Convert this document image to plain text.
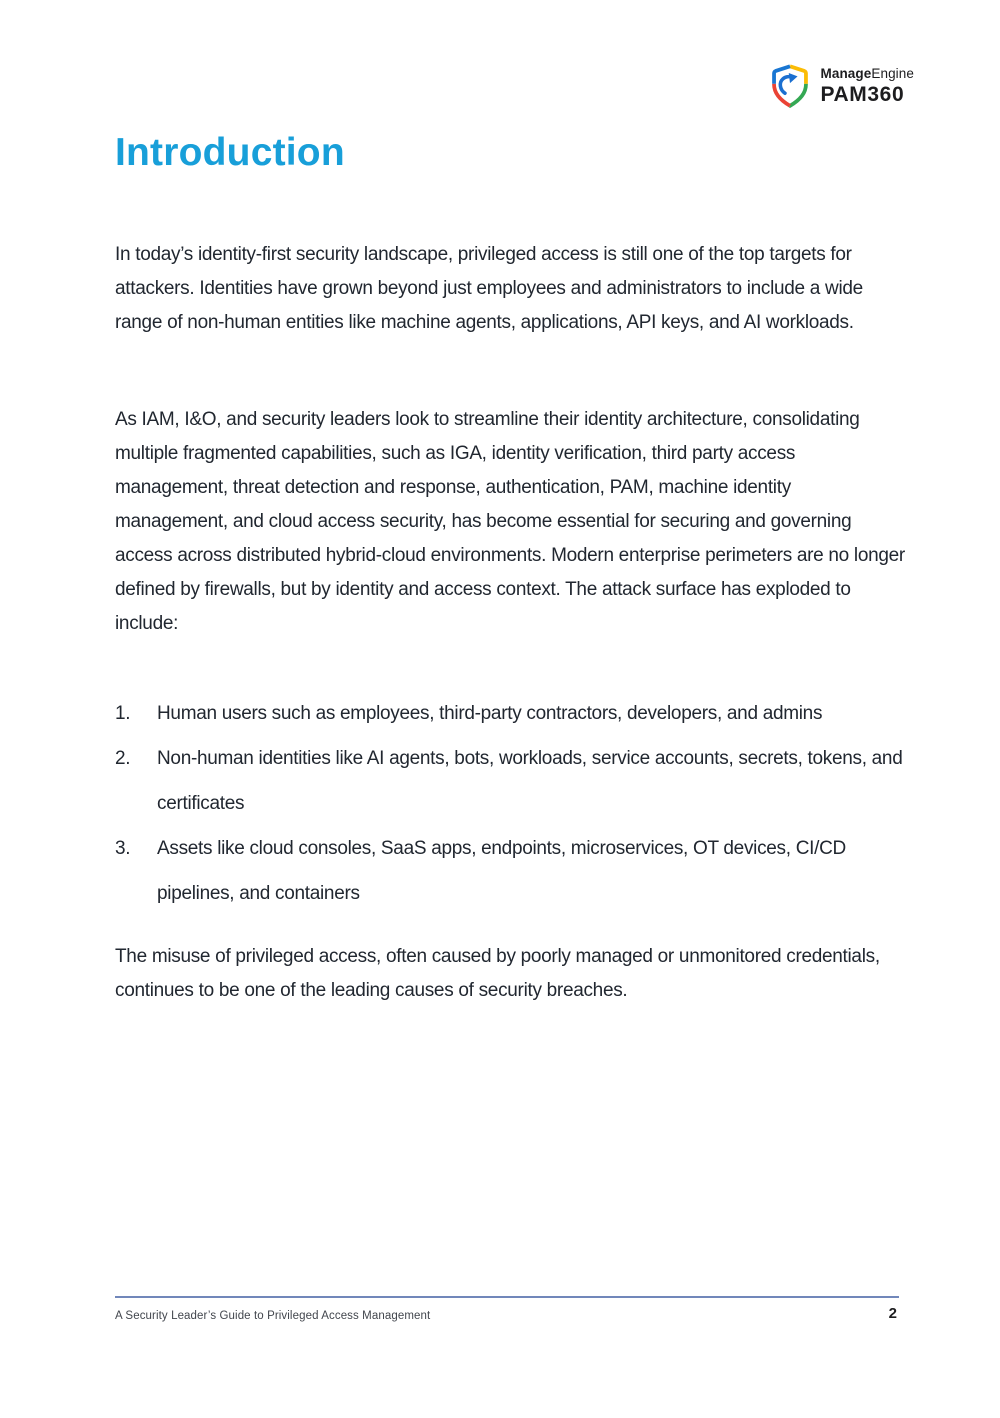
ManageEngine
PAM360
Introduction

In today’s identity-first security landscape, privileged access is still one of the top targets for attackers. Identities have grown beyond just employees and administrators to include a wide range of non-human entities like machine agents, applications, API keys, and AI workloads.

As IAM, I&O, and security leaders look to streamline their identity architecture, consolidating multiple fragmented capabilities, such as IGA, identity verification, third party access management, threat detection and response, authentication, PAM, machine identity management, and cloud access security, has become essential for securing and governing access across distributed hybrid-cloud environments. Modern enterprise perimeters are no longer defined by firewalls, but by identity and access context. The attack surface has exploded to include:

1.	Human users such as employees, third-party contractors, developers, and admins
2.	Non-human identities like AI agents, bots, workloads, service accounts, secrets, tokens, and certificates
3.	Assets like cloud consoles, SaaS apps, endpoints, microservices, OT devices, CI/CD pipelines, and containers

The misuse of privileged access, often caused by poorly managed or unmonitored credentials, continues to be one of the leading causes of security breaches.

A Security Leader’s Guide to Privileged Access Management	2
